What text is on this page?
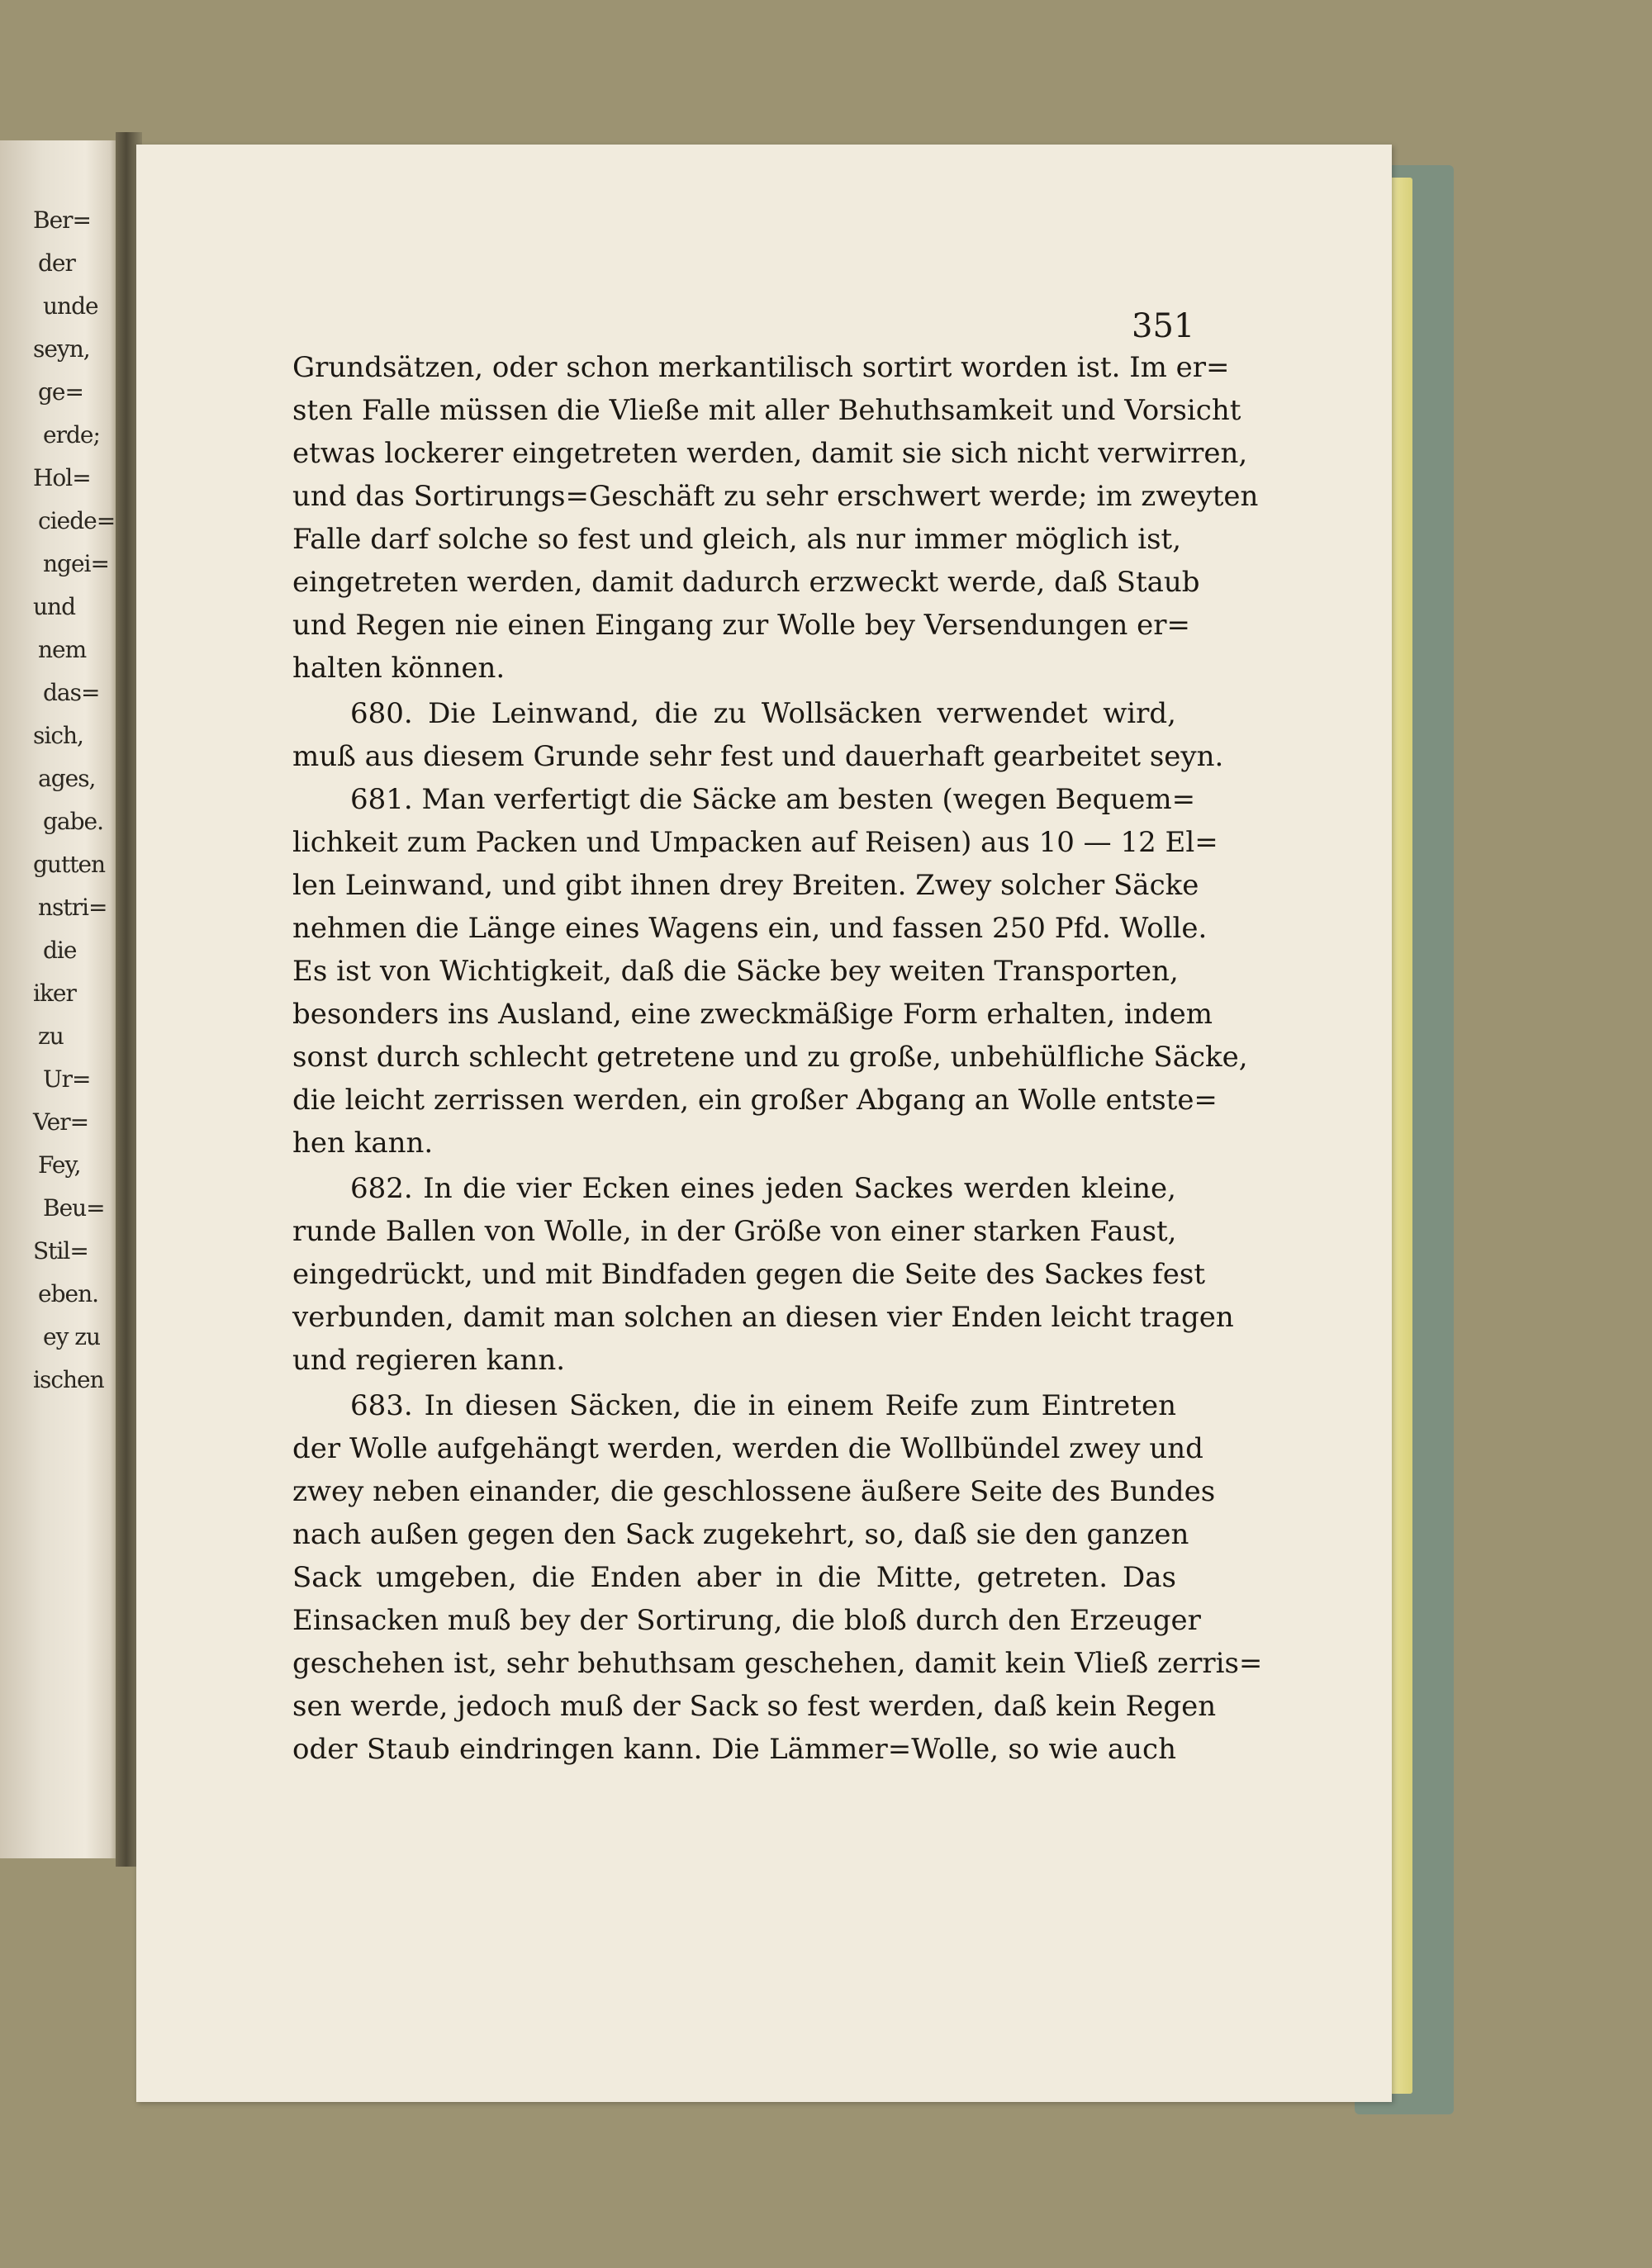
Ber=
der
unde
seyn,
ge=
erde;
Hol=
ciede=
ngei=
und
nem
das=
sich,
ages,
gabe.
gutten
nstri=
die
iker
zu
Ur=
Ver=
Fey,
Beu=
Stil=
eben.
ey zu
ischen
351
Grundsätzen, oder schon merkantilisch sortirt worden ist. Im er=
sten Falle müssen die Vließe mit aller Behuthsamkeit und Vorsicht
etwas lockerer eingetreten werden, damit sie sich nicht verwirren,
und das Sortirungs=Geschäft zu sehr erschwert werde; im zweyten
Falle darf solche so fest und gleich, als nur immer möglich ist,
eingetreten werden, damit dadurch erzweckt werde, daß Staub
und Regen nie einen Eingang zur Wolle bey Versendungen er=
halten können.
680. Die Leinwand, die zu Wollsäcken verwendet wird,
muß aus diesem Grunde sehr fest und dauerhaft gearbeitet seyn.
681. Man verfertigt die Säcke am besten (wegen Bequem=
lichkeit zum Packen und Umpacken auf Reisen) aus 10 — 12 El=
len Leinwand, und gibt ihnen drey Breiten. Zwey solcher Säcke
nehmen die Länge eines Wagens ein, und fassen 250 Pfd. Wolle.
Es ist von Wichtigkeit, daß die Säcke bey weiten Transporten,
besonders ins Ausland, eine zweckmäßige Form erhalten, indem
sonst durch schlecht getretene und zu große, unbehülfliche Säcke,
die leicht zerrissen werden, ein großer Abgang an Wolle entste=
hen kann.
682. In die vier Ecken eines jeden Sackes werden kleine,
runde Ballen von Wolle, in der Größe von einer starken Faust,
eingedrückt, und mit Bindfaden gegen die Seite des Sackes fest
verbunden, damit man solchen an diesen vier Enden leicht tragen
und regieren kann.
683. In diesen Säcken, die in einem Reife zum Eintreten
der Wolle aufgehängt werden, werden die Wollbündel zwey und
zwey neben einander, die geschlossene äußere Seite des Bundes
nach außen gegen den Sack zugekehrt, so, daß sie den ganzen
Sack umgeben, die Enden aber in die Mitte, getreten. Das
Einsacken muß bey der Sortirung, die bloß durch den Erzeuger
geschehen ist, sehr behuthsam geschehen, damit kein Vließ zerris=
sen werde, jedoch muß der Sack so fest werden, daß kein Regen
oder Staub eindringen kann. Die Lämmer=Wolle, so wie auch
